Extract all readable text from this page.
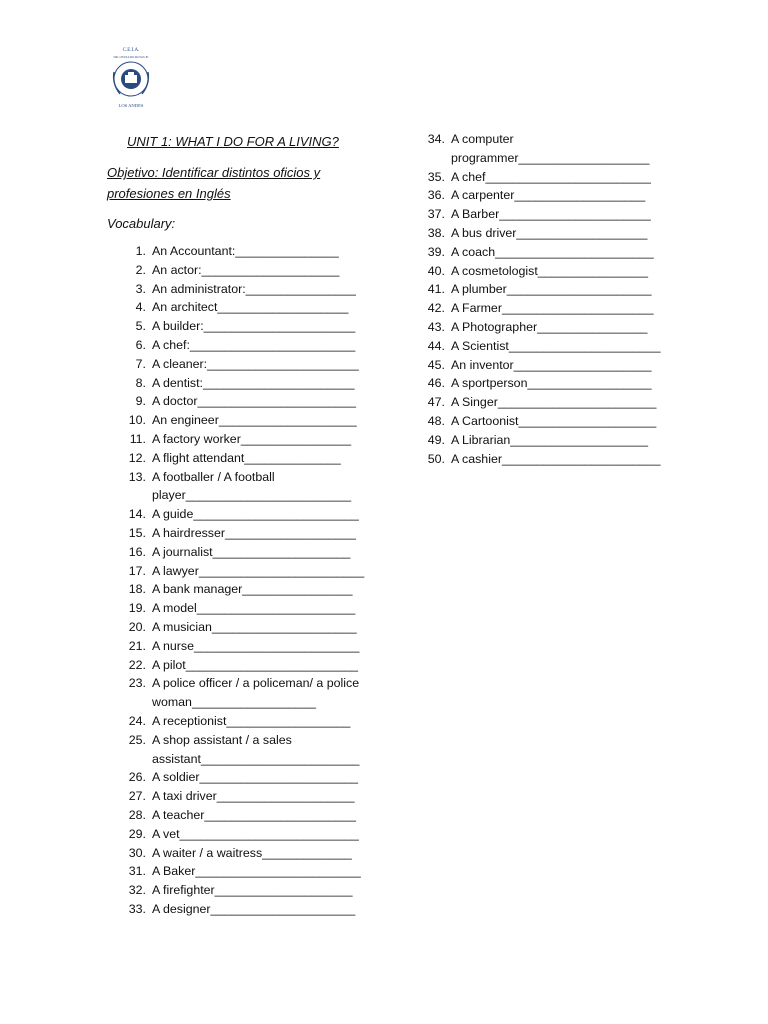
C.E.I.A.
DR. OSVALDO ROJAS B.
LOS ANDES
UNIT 1: WHAT I DO FOR A LIVING?
Objetivo: Identificar distintos oficios y profesiones en Inglés
Vocabulary:
1. An Accountant:_______________
2. An actor:____________________
3. An administrator:________________
4. An architect___________________
5. A builder:______________________
6. A chef:________________________
7. A cleaner:______________________
8. A dentist:______________________
9. A doctor_______________________
10. An engineer____________________
11. A factory worker________________
12. A flight attendant______________
13. A footballer / A football player________________________
14. A guide________________________
15. A hairdresser___________________
16. A journalist____________________
17. A lawyer________________________
18. A bank manager________________
19. A model_______________________
20. A musician_____________________
21. A nurse________________________
22. A pilot_________________________
23. A police officer / a policeman/ a police woman__________________
24. A receptionist__________________
25. A shop assistant / a sales assistant_______________________
26. A soldier_______________________
27. A taxi driver____________________
28. A teacher______________________
29. A vet__________________________
30. A waiter / a waitress_____________
31. A Baker________________________
32. A firefighter____________________
33. A designer_____________________
34. A computer programmer___________________
35. A chef________________________
36. A carpenter___________________
37. A Barber______________________
38. A bus driver___________________
39. A coach_______________________
40. A cosmetologist________________
41. A plumber_____________________
42. A Farmer______________________
43. A Photographer________________
44. A Scientist______________________
45. An inventor____________________
46. A sportperson__________________
47. A Singer_______________________
48. A Cartoonist____________________
49. A Librarian____________________
50. A cashier_______________________
